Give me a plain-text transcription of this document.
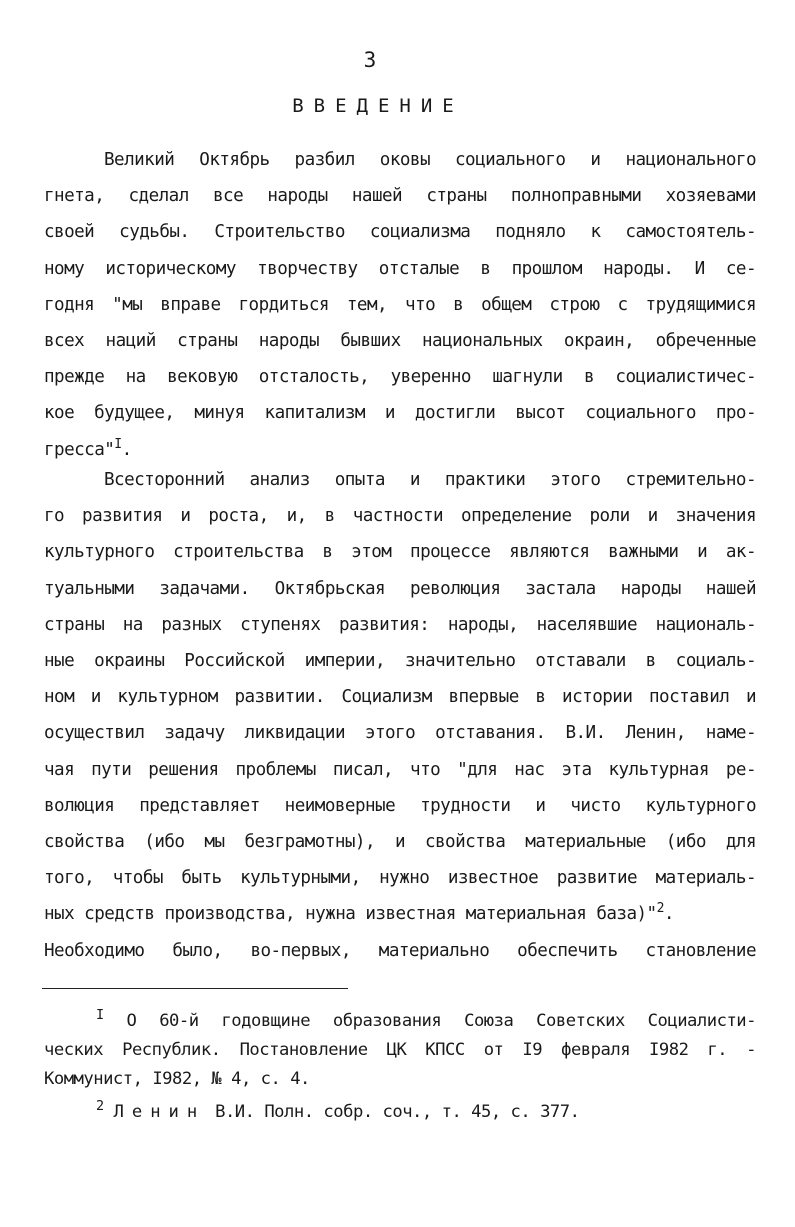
3
ВВЕДЕНИЕ
Великий Октябрь разбил оковы социального и национального
гнета, сделал все народы нашей страны полноправными хозяевами
своей судьбы. Строительство социализма подняло к самостоятель-
ному историческому творчеству отсталые в прошлом народы. И се-
годня "мы вправе гордиться тем, что в общем строю с трудящимися
всех наций страны народы бывших национальных окраин, обреченные
прежде на вековую отсталость, уверенно шагнули в социалистичес-
кое будущее, минуя капитализм и достигли высот социального про-
гресса"$^I$.
Всесторонний анализ опыта и практики этого стремительно-
го развития и роста, и, в частности определение роли и значения
культурного строительства в этом процессе являются важными и ак-
туальными задачами. Октябрьская революция застала народы нашей
страны на разных ступенях развития: народы, населявшие националь-
ные окраины Российской империи, значительно отставали в социаль-
ном и культурном развитии. Социализм впервые в истории поставил и
осуществил задачу ликвидации этого отставания. В.И. Ленин, наме-
чая пути решения проблемы писал, что "для нас эта культурная ре-
волюция представляет неимоверные трудности и чисто культурного
свойства (ибо мы безграмотны), и свойства материальные (ибо для
того, чтобы быть культурными, нужно известное развитие материаль-
ных средств производства, нужна известная материальная база)"$^2$.
Необходимо было, во-первых, материально обеспечить становление
$^I$ О 60-й годовщине образования Союза Советских Социалисти-
ческих Республик. Постановление ЦК КПСС от I9 февраля I982 г. -
Коммунист, I982, № 4, с. 4.
$^2$ Ленин В.И. Полн. собр. соч., т. 45, с. 377.
